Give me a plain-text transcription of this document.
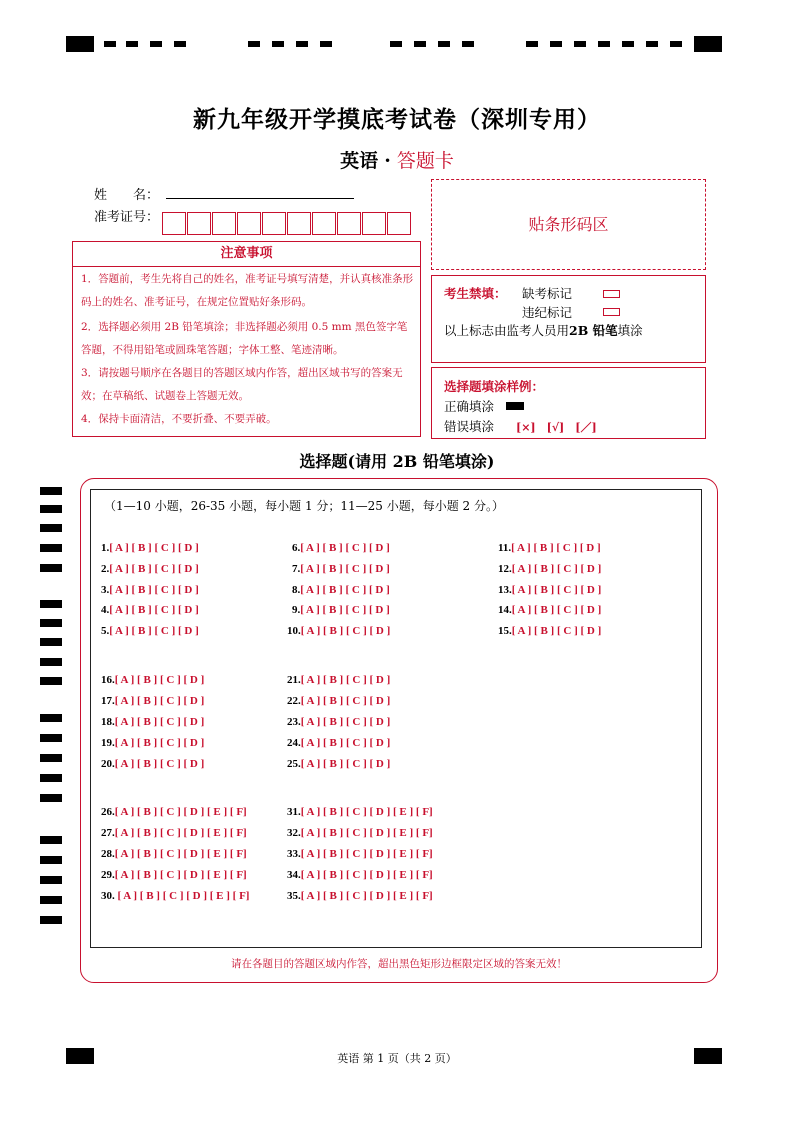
新九年级开学摸底考试卷（深圳专用）
英语 · 答题卡
姓　　名：
准考证号：	贴条形码区
注意事项
1．答题前，考生先将自己的姓名，准考证号填写清楚，并认真核准条形码上的姓名、准考证号，在规定位置贴好条形码。
2．选择题必须用 2B 铅笔填涂；非选择题必须用 0.5 mm 黑色签字笔答题，不得用铅笔或圆珠笔答题；字体工整、笔迹清晰。
3．请按题号顺序在各题目的答题区域内作答，超出区域书写的答案无效；在草稿纸、试题卷上答题无效。
4．保持卡面清洁，不要折叠、不要弄破。
考生禁填： 缺考标记
违纪标记
以上标志由监考人员用2B 铅笔填涂
选择题填涂样例：
正确填涂
错误填涂 [×]　[√]　[／]
选择题(请用 2B 铅笔填涂)
（1—10 小题，26-35 小题，每小题 1 分；11—25 小题，每小题 2 分。）
1.[ A ] [ B ] [ C ] [ D ]
2.[ A ] [ B ] [ C ] [ D ]
3.[ A ] [ B ] [ C ] [ D ]
4.[ A ] [ B ] [ C ] [ D ]
5.[ A ] [ B ] [ C ] [ D ]
6.[ A ] [ B ] [ C ] [ D ]
7.[ A ] [ B ] [ C ] [ D ]
8.[ A ] [ B ] [ C ] [ D ]
9.[ A ] [ B ] [ C ] [ D ]
10.[ A ] [ B ] [ C ] [ D ]
11.[ A ] [ B ] [ C ] [ D ]
12.[ A ] [ B ] [ C ] [ D ]
13.[ A ] [ B ] [ C ] [ D ]
14.[ A ] [ B ] [ C ] [ D ]
15.[ A ] [ B ] [ C ] [ D ]
16.[ A ] [ B ] [ C ] [ D ]
17.[ A ] [ B ] [ C ] [ D ]
18.[ A ] [ B ] [ C ] [ D ]
19.[ A ] [ B ] [ C ] [ D ]
20.[ A ] [ B ] [ C ] [ D ]
21.[ A ] [ B ] [ C ] [ D ]
22.[ A ] [ B ] [ C ] [ D ]
23.[ A ] [ B ] [ C ] [ D ]
24.[ A ] [ B ] [ C ] [ D ]
25.[ A ] [ B ] [ C ] [ D ]
26.[ A ] [ B ] [ C ] [ D ] [ E ] [ F]
27.[ A ] [ B ] [ C ] [ D ] [ E ] [ F]
28.[ A ] [ B ] [ C ] [ D ] [ E ] [ F]
29.[ A ] [ B ] [ C ] [ D ] [ E ] [ F]
30. [ A ] [ B ] [ C ] [ D ] [ E ] [ F]
31.[ A ] [ B ] [ C ] [ D ] [ E ] [ F]
32.[ A ] [ B ] [ C ] [ D ] [ E ] [ F]
33.[ A ] [ B ] [ C ] [ D ] [ E ] [ F]
34.[ A ] [ B ] [ C ] [ D ] [ E ] [ F]
35.[ A ] [ B ] [ C ] [ D ] [ E ] [ F]
请在各题目的答题区域内作答，超出黑色矩形边框限定区域的答案无效！
英语 第 1 页（共 2 页）
